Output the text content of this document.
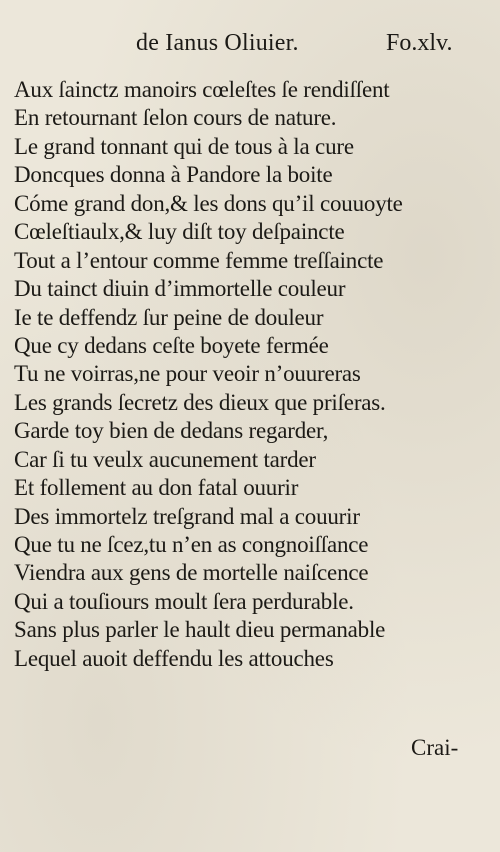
de Ianus Oliuier.	Fo.xlv.
Aux ſainctz manoirs cœleſtes ſe rendiſſent
En retournant ſelon cours de nature.
Le grand tonnant qui de tous à la cure
Doncques donna à Pandore la boite
Cóme grand don,& les dons qu’il couuoyte
Cœleſtiaulx,& luy diſt toy deſpaincte
Tout a l’entour comme femme treſſaincte
Du tainct diuin d’immortelle couleur
Ie te deffendz ſur peine de douleur
Que cy dedans ceſte boyete fermée
Tu ne voirras,ne pour veoir n’ouureras
Les grands ſecretz des dieux que priſeras.
Garde toy bien de dedans regarder,
Car ſi tu veulx aucunement tarder
Et follement au don fatal ouurir
Des immortelz treſgrand mal a couurir
Que tu ne ſcez,tu n’en as congnoiſſance
Viendra aux gens de mortelle naiſcence
Qui a touſiours moult ſera perdurable.
Sans plus parler le hault dieu permanable
Lequel auoit deffendu les attouches
Crai-
